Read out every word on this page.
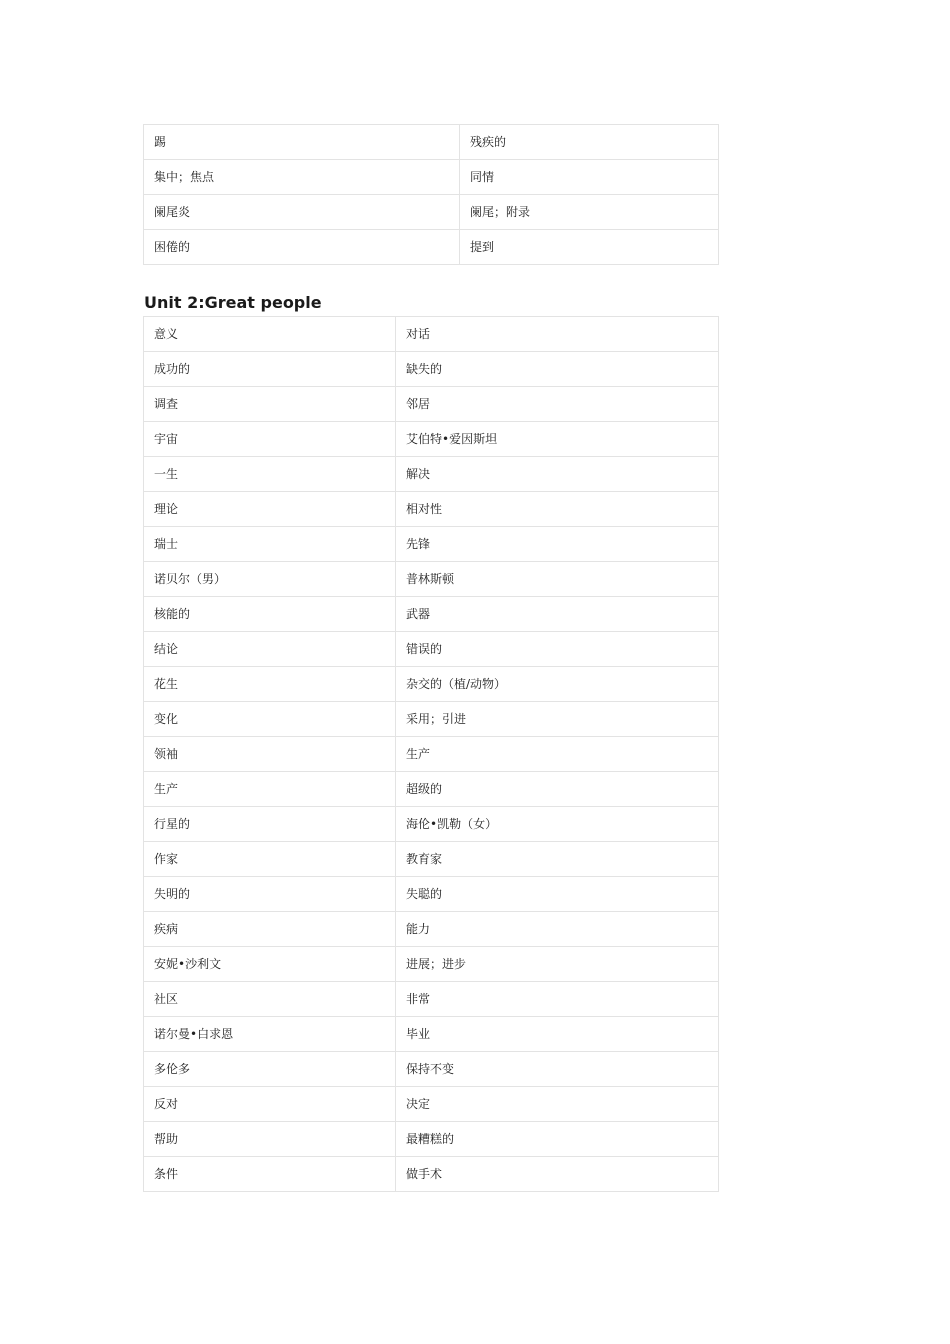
踢	残疾的
集中；焦点	同情
阑尾炎	阑尾；附录
困倦的	提到
Unit 2:Great people
意义	对话
成功的	缺失的
调查	邻居
宇宙	艾伯特•爱因斯坦
一生	解决
理论	相对性
瑞士	先锋
诺贝尔（男）	普林斯顿
核能的	武器
结论	错误的
花生	杂交的（植/动物）
变化	采用；引进
领袖	生产
生产	超级的
行星的	海伦•凯勒（女）
作家	教育家
失明的	失聪的
疾病	能力
安妮•沙利文	进展；进步
社区	非常
诺尔曼•白求恩	毕业
多伦多	保持不变
反对	决定
帮助	最糟糕的
条件	做手术
